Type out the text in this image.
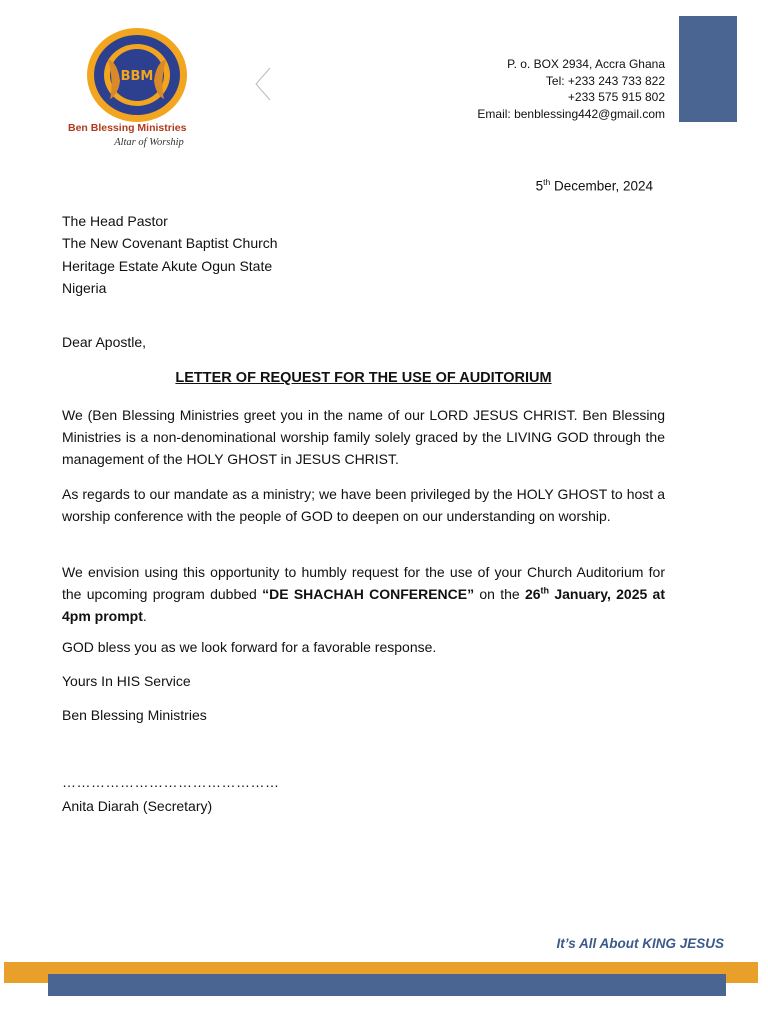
BBM
Ben Blessing Ministries
Altar of Worship
P. o. BOX 2934, Accra Ghana
Tel: +233 243 733 822
+233 575 915 802
Email: benblessing442@gmail.com
5th December, 2024
The Head Pastor
The New Covenant Baptist Church
Heritage Estate Akute Ogun State
Nigeria
Dear Apostle,
LETTER OF REQUEST FOR THE USE OF AUDITORIUM
We (Ben Blessing Ministries greet you in the name of our LORD JESUS CHRIST. Ben Blessing Ministries is a non-denominational worship family solely graced by the LIVING GOD through the management of the HOLY GHOST in JESUS CHRIST.
As regards to our mandate as a ministry; we have been privileged by the HOLY GHOST to host a worship conference with the people of GOD to deepen on our understanding on worship.
We envision using this opportunity to humbly request for the use of your Church Auditorium for the upcoming program dubbed “DE SHACHAH CONFERENCE” on the 26th January, 2025 at 4pm prompt.
GOD bless you as we look forward for a favorable response.
Yours In HIS Service
Ben Blessing Ministries
………………………………………
Anita Diarah (Secretary)
It’s All About KING JESUS
